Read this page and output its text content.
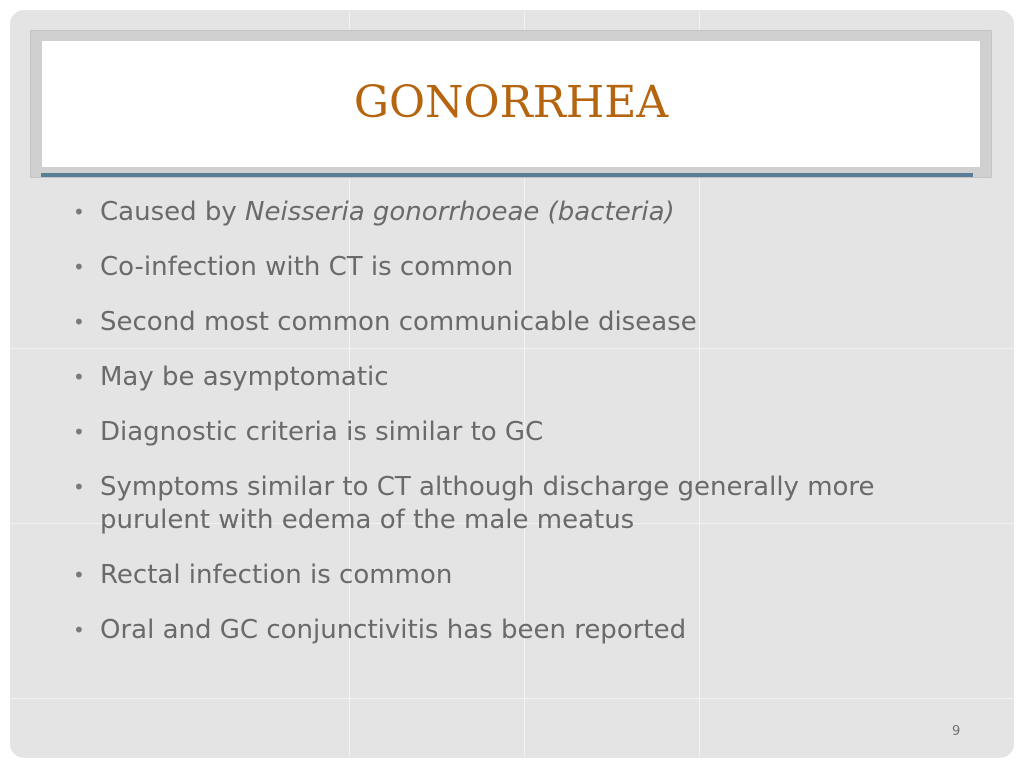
GONORRHEA
• Caused by Neisseria gonorrhoeae (bacteria)
• Co-infection with CT is common
• Second most common communicable disease
• May be asymptomatic
• Diagnostic criteria is similar to GC
• Symptoms similar to CT although discharge generally more purulent with edema of the male meatus
• Rectal infection is common
• Oral and GC conjunctivitis has been reported
9
